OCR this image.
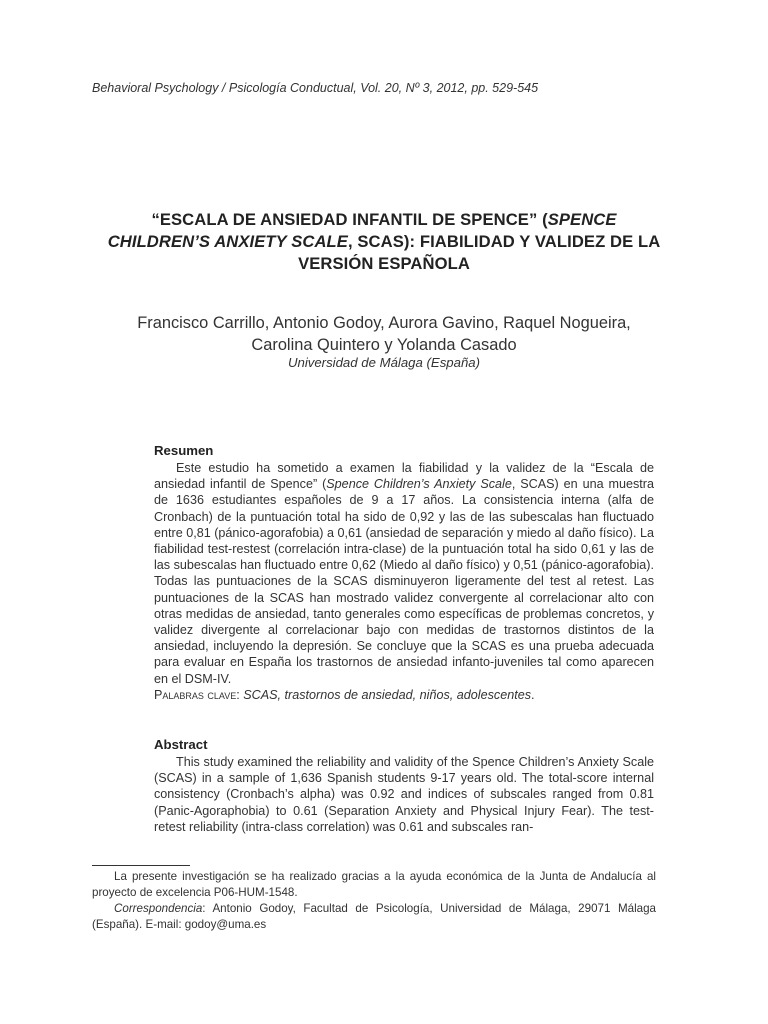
Behavioral Psychology / Psicología Conductual, Vol. 20, Nº 3, 2012, pp. 529-545
“ESCALA DE ANSIEDAD INFANTIL DE SPENCE” (SPENCE CHILDREN’S ANXIETY SCALE, SCAS): FIABILIDAD Y VALIDEZ DE LA VERSIÓN ESPAÑOLA
Francisco Carrillo, Antonio Godoy, Aurora Gavino, Raquel Nogueira,
Carolina Quintero y Yolanda Casado
Universidad de Málaga (España)
Resumen

Este estudio ha sometido a examen la fiabilidad y la validez de la “Escala de ansiedad infantil de Spence” (Spence Children’s Anxiety Scale, SCAS) en una muestra de 1636 estudiantes españoles de 9 a 17 años. La consistencia interna (alfa de Cronbach) de la puntuación total ha sido de 0,92 y las de las subescalas han fluctuado entre 0,81 (pánico-agorafobia) a 0,61 (ansiedad de separación y miedo al daño físico). La fiabilidad test-restest (correlación intra-clase) de la puntuación total ha sido 0,61 y las de las subescalas han fluctuado entre 0,62 (Miedo al daño físico) y 0,51 (pánico-agorafobia). Todas las puntuaciones de la SCAS disminuyeron ligeramente del test al retest. Las puntuaciones de la SCAS han mostrado validez convergente al correlacionar alto con otras medidas de ansiedad, tanto generales como específicas de problemas concretos, y validez divergente al correlacionar bajo con medidas de trastornos distintos de la ansiedad, incluyendo la depresión. Se concluye que la SCAS es una prueba adecuada para evaluar en España los trastornos de ansiedad infanto-juveniles tal como aparecen en el DSM-IV.

Palabras clave: SCAS, trastornos de ansiedad, niños, adolescentes.
Abstract

This study examined the reliability and validity of the Spence Children’s Anxiety Scale (SCAS) in a sample of 1,636 Spanish students 9-17 years old. The total-score internal consistency (Cronbach’s alpha) was 0.92 and indices of subscales ranged from 0.81 (Panic-Agoraphobia) to 0.61 (Separation Anxiety and Physical Injury Fear). The test-retest reliability (intra-class correlation) was 0.61 and subscales ran-

La presente investigación se ha realizado gracias a la ayuda económica de la Junta de Andalucía al proyecto de excelencia P06-HUM-1548.

Correspondencia: Antonio Godoy, Facultad de Psicología, Universidad de Málaga, 29071 Málaga (España). E-mail: godoy@uma.es
